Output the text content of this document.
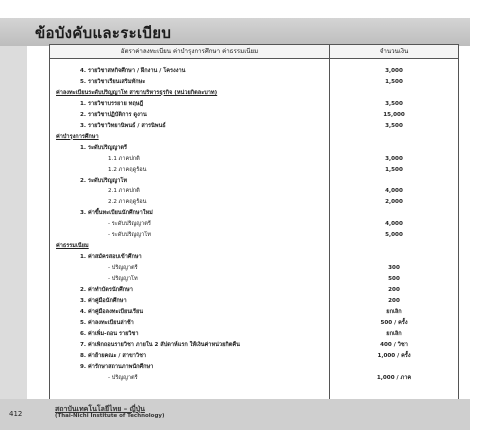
ข้อบังคับและระเบียบ
อัตราค่าลงทะเบียน ค่าบำรุงการศึกษา ค่าธรรมเนียม	จำนวนเงิน
4. รายวิชาสหกิจศึกษา / ฝึกงาน / โครงงาน	3,000
5. รายวิชาเรียนเสริมทักษะ	1,500
ค่าลงทะเบียนระดับปริญญาโท สาขาบริหารธุรกิจ (หน่วยกิตละบาท)
1. รายวิชาบรรยาย ทฤษฎี	3,500
2. รายวิชาปฏิบัติการ ดูงาน	15,000
3. รายวิชาวิทยานิพนธ์ / สารนิพนธ์	3,500
ค่าบำรุงการศึกษา
1. ระดับปริญญาตรี
1.1 ภาคปกติ	3,000
1.2 ภาคฤดูร้อน	1,500
2. ระดับปริญญาโท
2.1 ภาคปกติ	4,000
2.2 ภาคฤดูร้อน	2,000
3. ค่าขึ้นทะเบียนนักศึกษาใหม่
- ระดับปริญญาตรี	4,000
- ระดับปริญญาโท	5,000
ค่าธรรมเนียม
1. ค่าสมัครสอบเข้าศึกษา
- ปริญญาตรี	300
- ปริญญาโท	500
2. ค่าทำบัตรนักศึกษา	200
3. ค่าคู่มือนักศึกษา	200
4. ค่าคู่มือลงทะเบียนเรียน	ยกเลิก
5. ค่าลงทะเบียนล่าช้า	500 / ครั้ง
6. ค่าเพิ่ม-ถอน รายวิชา	ยกเลิก
7. ค่าเพิกถอนรายวิชา ภายใน 2 สัปดาห์แรก ให้เงินค่าหน่วยกิตคืน	400 / วิชา
8. ค่าย้ายคณะ / สาขาวิชา	1,000 / ครั้ง
9. ค่ารักษาสถานภาพนักศึกษา
- ปริญญาตรี	1,000 / ภาค
412
สถาบันเทคโนโลยีไทย – ญี่ปุ่น
(Thai-Nichi Institute of Technology)
